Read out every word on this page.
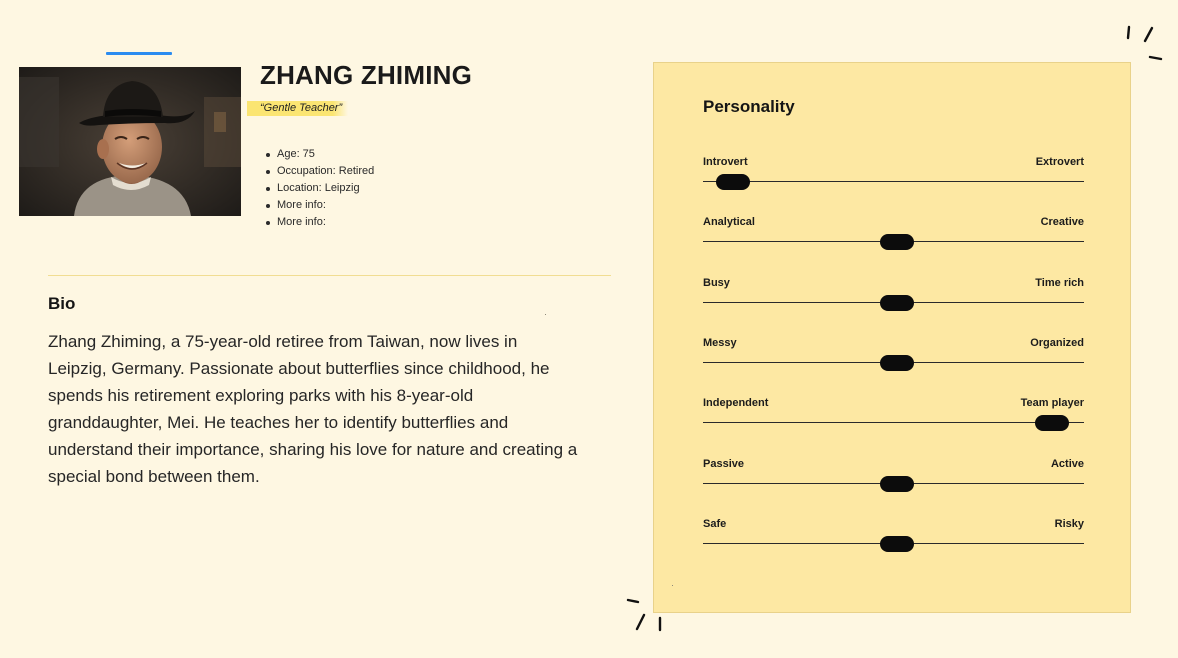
ZHANG ZHIMING
“Gentle Teacher”
Age: 75
Occupation: Retired
Location: Leipzig
More info:
More info:
Bio
Zhang Zhiming, a 75-year-old retiree from Taiwan, now lives in Leipzig, Germany. Passionate about butterflies since childhood, he spends his retirement exploring parks with his 8-year-old granddaughter, Mei. He teaches her to identify butterflies and understand their importance, sharing his love for nature and creating a special bond between them.
Personality
Introvert	Extrovert
Analytical	Creative
Busy	Time rich
Messy	Organized
Independent	Team player
Passive	Active
Safe	Risky
